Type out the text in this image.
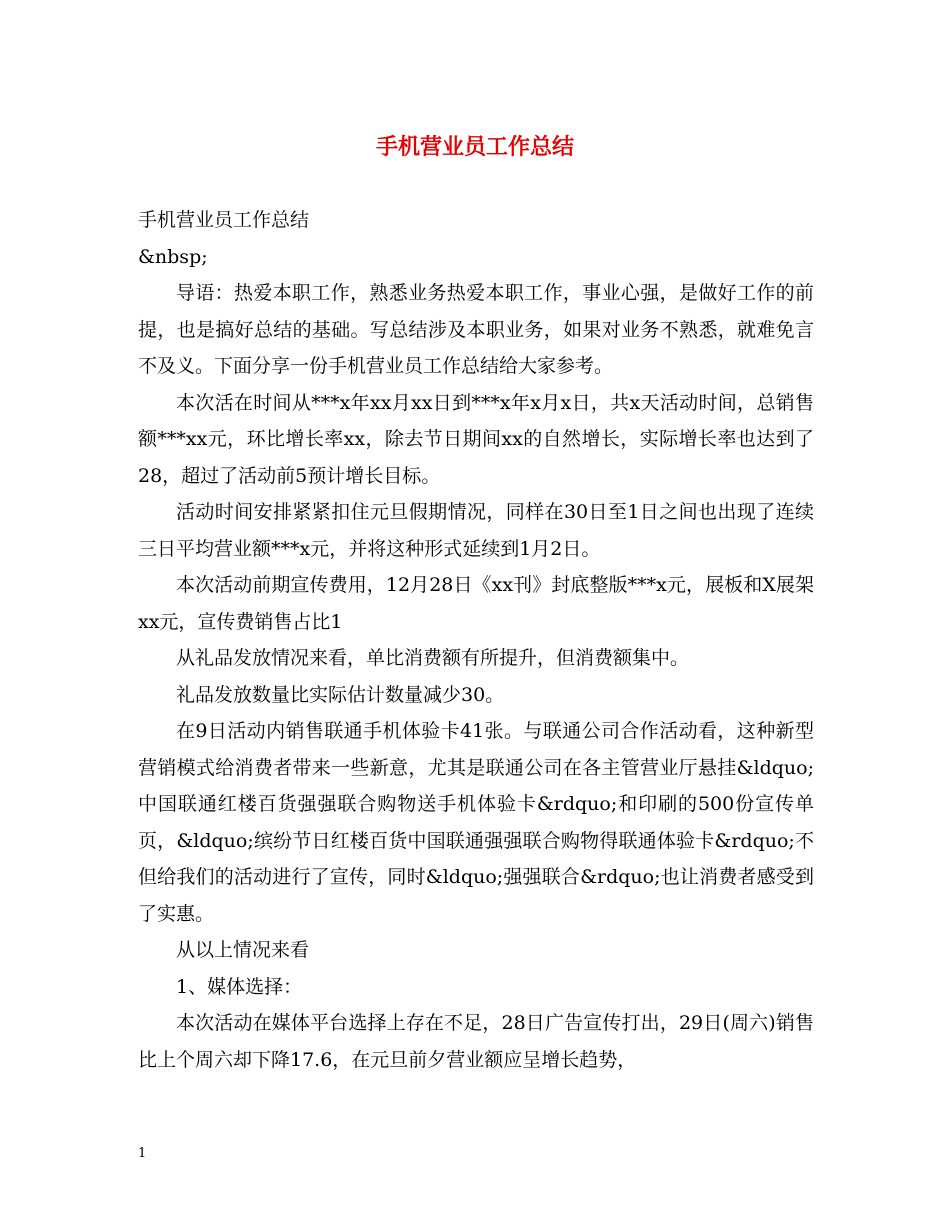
手机营业员工作总结

手机营业员工作总结

&nbsp;

导语：热爱本职工作，熟悉业务热爱本职工作，事业心强，是做好工作的前提，也是搞好总结的基础。写总结涉及本职业务，如果对业务不熟悉，就难免言不及义。下面分享一份手机营业员工作总结给大家参考。

本次活在时间从***x年xx月xx日到***x年x月x日，共x天活动时间，总销售额***xx元，环比增长率xx，除去节日期间xx的自然增长，实际增长率也达到了28，超过了活动前5预计增长目标。

活动时间安排紧紧扣住元旦假期情况，同样在30日至1日之间也出现了连续三日平均营业额***x元，并将这种形式延续到1月2日。

本次活动前期宣传费用，12月28日《xx刊》封底整版***x元，展板和X展架xx元，宣传费销售占比1

从礼品发放情况来看，单比消费额有所提升，但消费额集中。

礼品发放数量比实际估计数量减少30。

在9日活动内销售联通手机体验卡41张。与联通公司合作活动看，这种新型营销模式给消费者带来一些新意，尤其是联通公司在各主管营业厅悬挂&ldquo;中国联通红楼百货强强联合购物送手机体验卡&rdquo;和印刷的500份宣传单页，&ldquo;缤纷节日红楼百货中国联通强强联合购物得联通体验卡&rdquo;不但给我们的活动进行了宣传，同时&ldquo;强强联合&rdquo;也让消费者感受到了实惠。

从以上情况来看

1、媒体选择：

本次活动在媒体平台选择上存在不足，28日广告宣传打出，29日(周六)销售比上个周六却下降17.6，在元旦前夕营业额应呈增长趋势，

1
